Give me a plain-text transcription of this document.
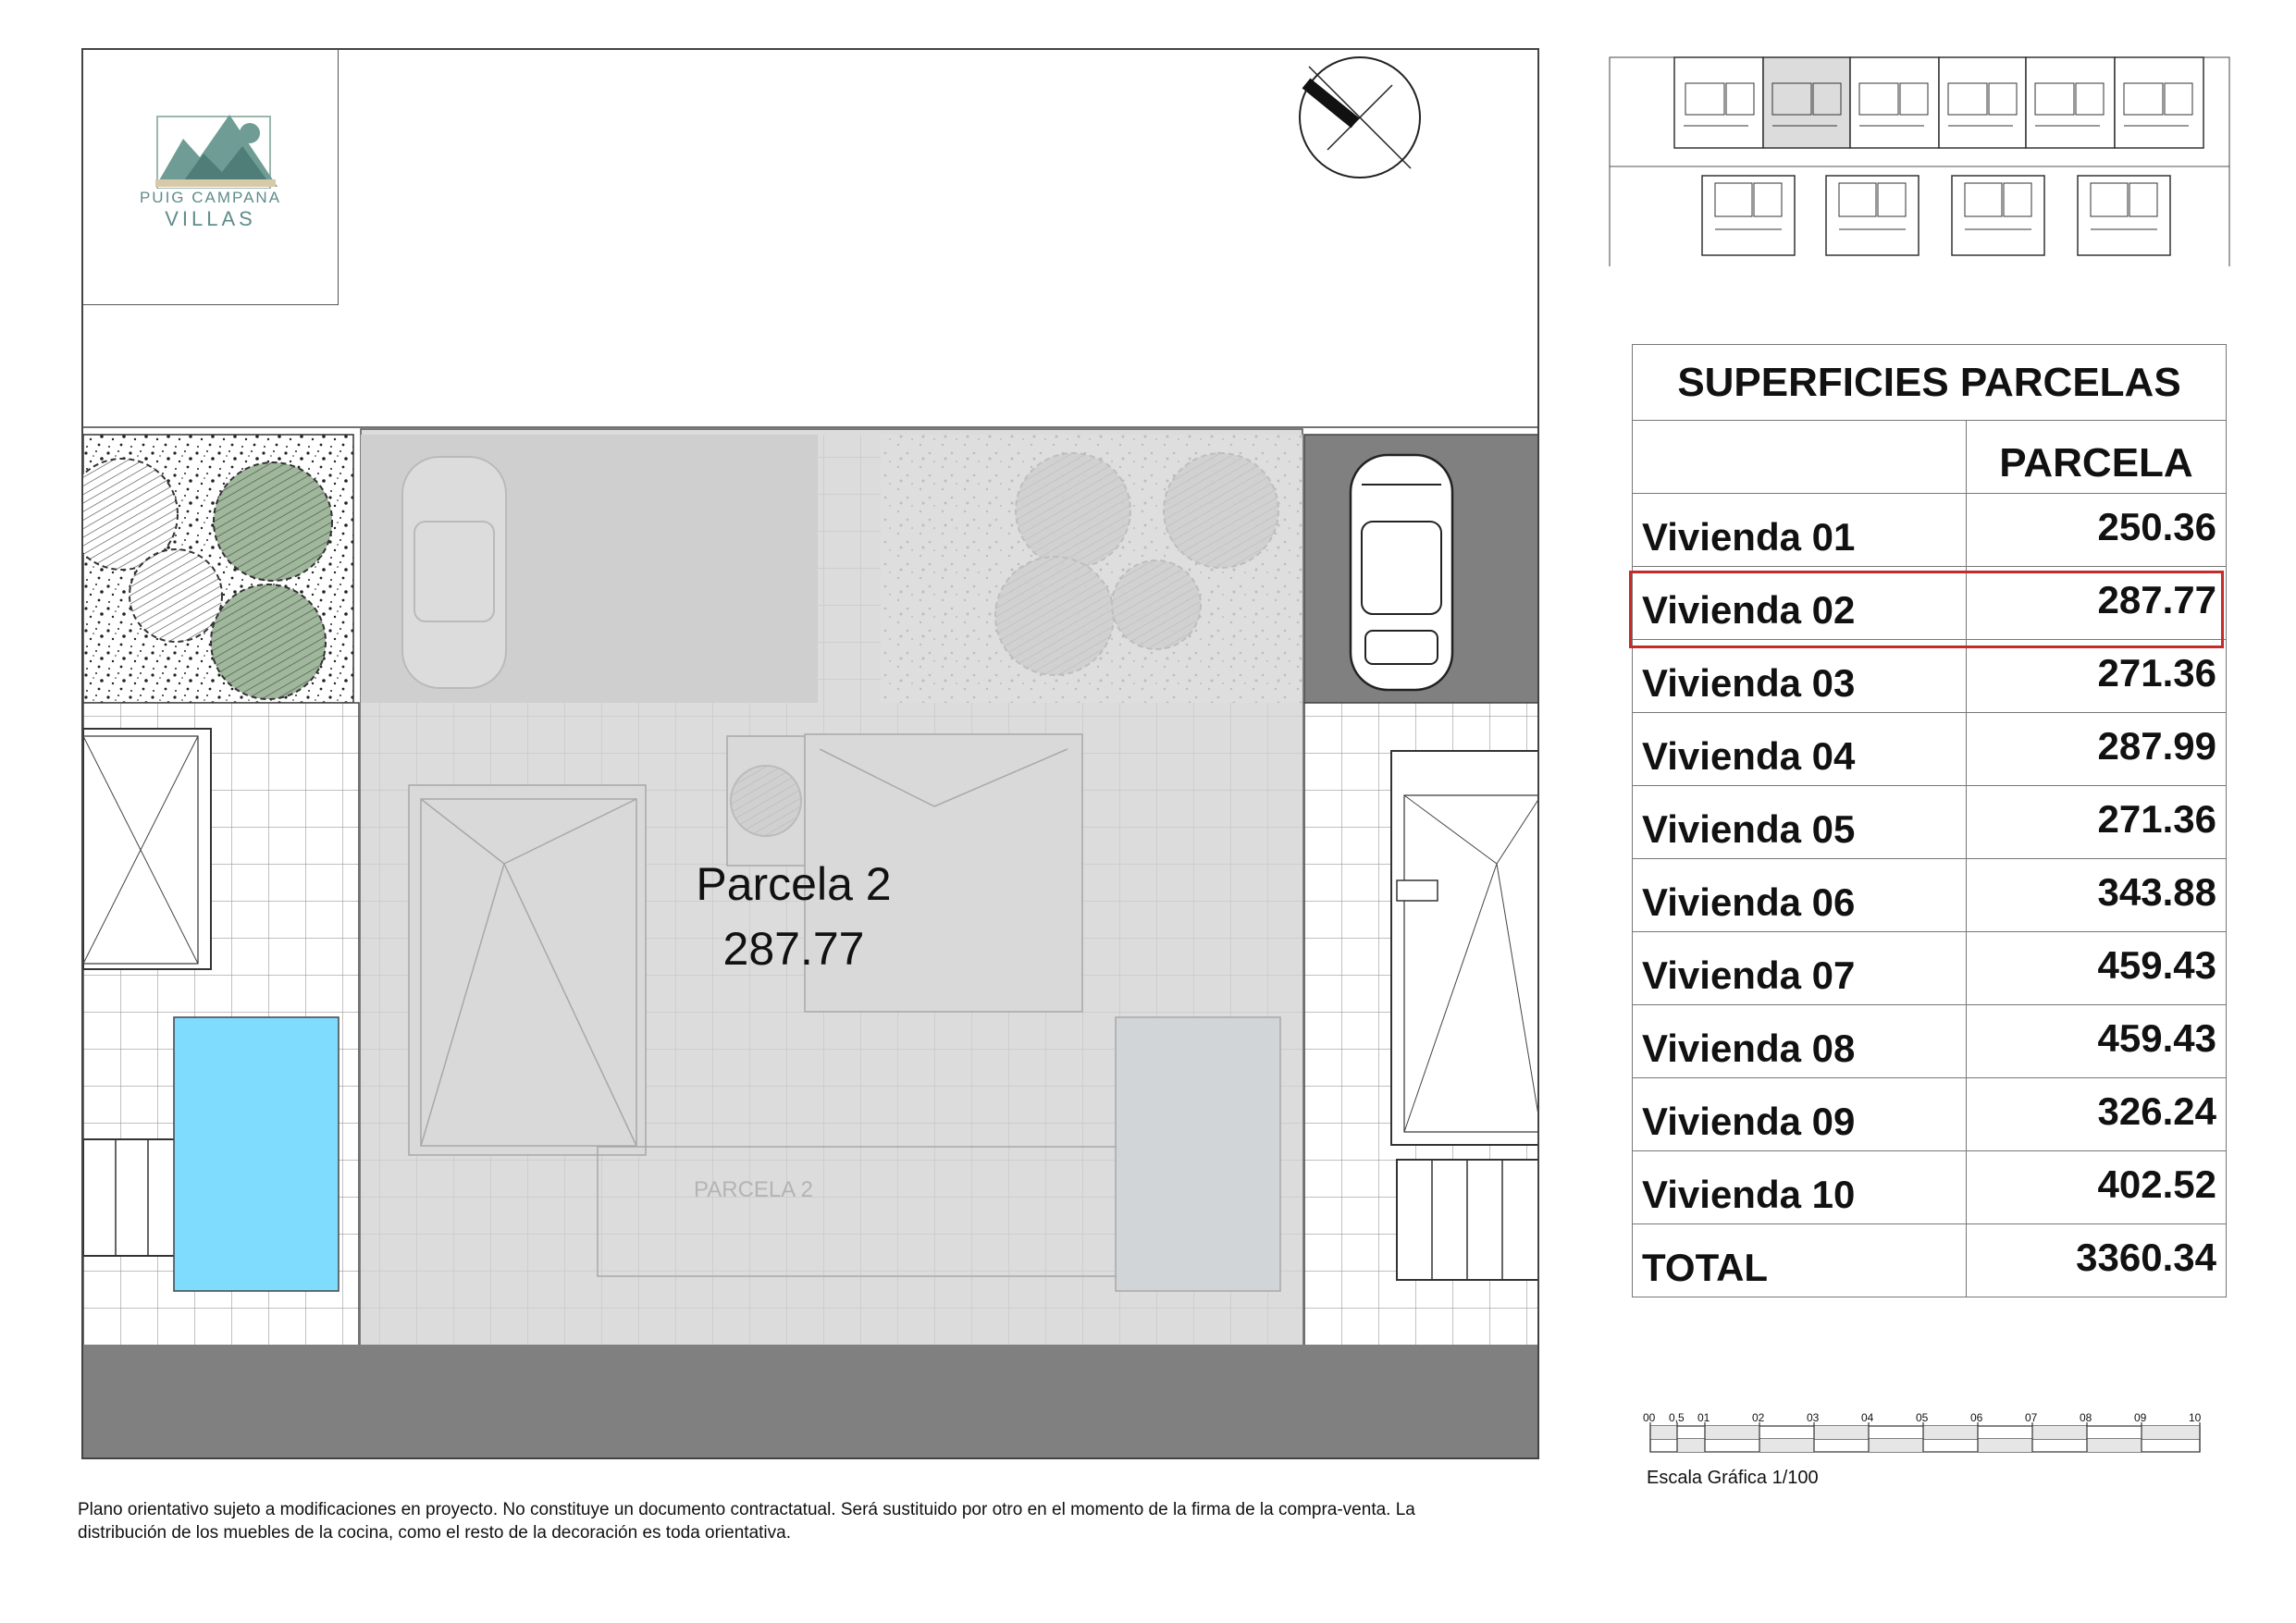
PARCELA 2
PUIG CAMPANA
VILLAS
Parcela 2
287.77
SUPERFICIES PARCELAS	
	PARCELA
Vivienda 01	250.36
Vivienda 02	287.77
Vivienda 03	271.36
Vivienda 04	287.99
Vivienda 05	271.36
Vivienda 06	343.88
Vivienda 07	459.43
Vivienda 08	459.43
Vivienda 09	326.24
Vivienda 10	402.52
TOTAL	3360.34
00 0,5 01	02	03	04	05	06	07	08	09	10
Escala Gráfica 1/100
Plano orientativo sujeto a modificaciones en proyecto. No constituye un documento contractatual. Será sustituido por otro en el momento de la firma de la compra-venta. La
distribución de los muebles de la cocina, como el resto de la decoración es toda orientativa.
